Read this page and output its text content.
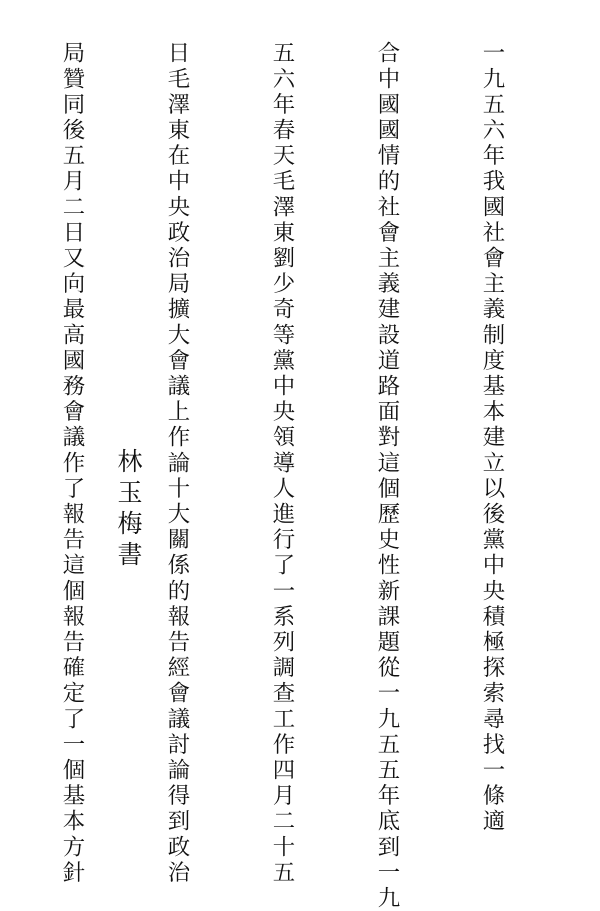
一九五六年我國社會主義制度基本建立以後黨中央積極探索尋找一條適

合中國國情的社會主義建設道路面對這個歷史性新課題從一九五五年底到一九

五六年春天毛澤東劉少奇等黨中央領導人進行了一系列調查工作四月二十五

日毛澤東在中央政治局擴大會議上作論十大關係的報告經會議討論得到政治

局贊同後五月二日又向最高國務會議作了報告這個報告確定了一個基本方針

林玉梅書
